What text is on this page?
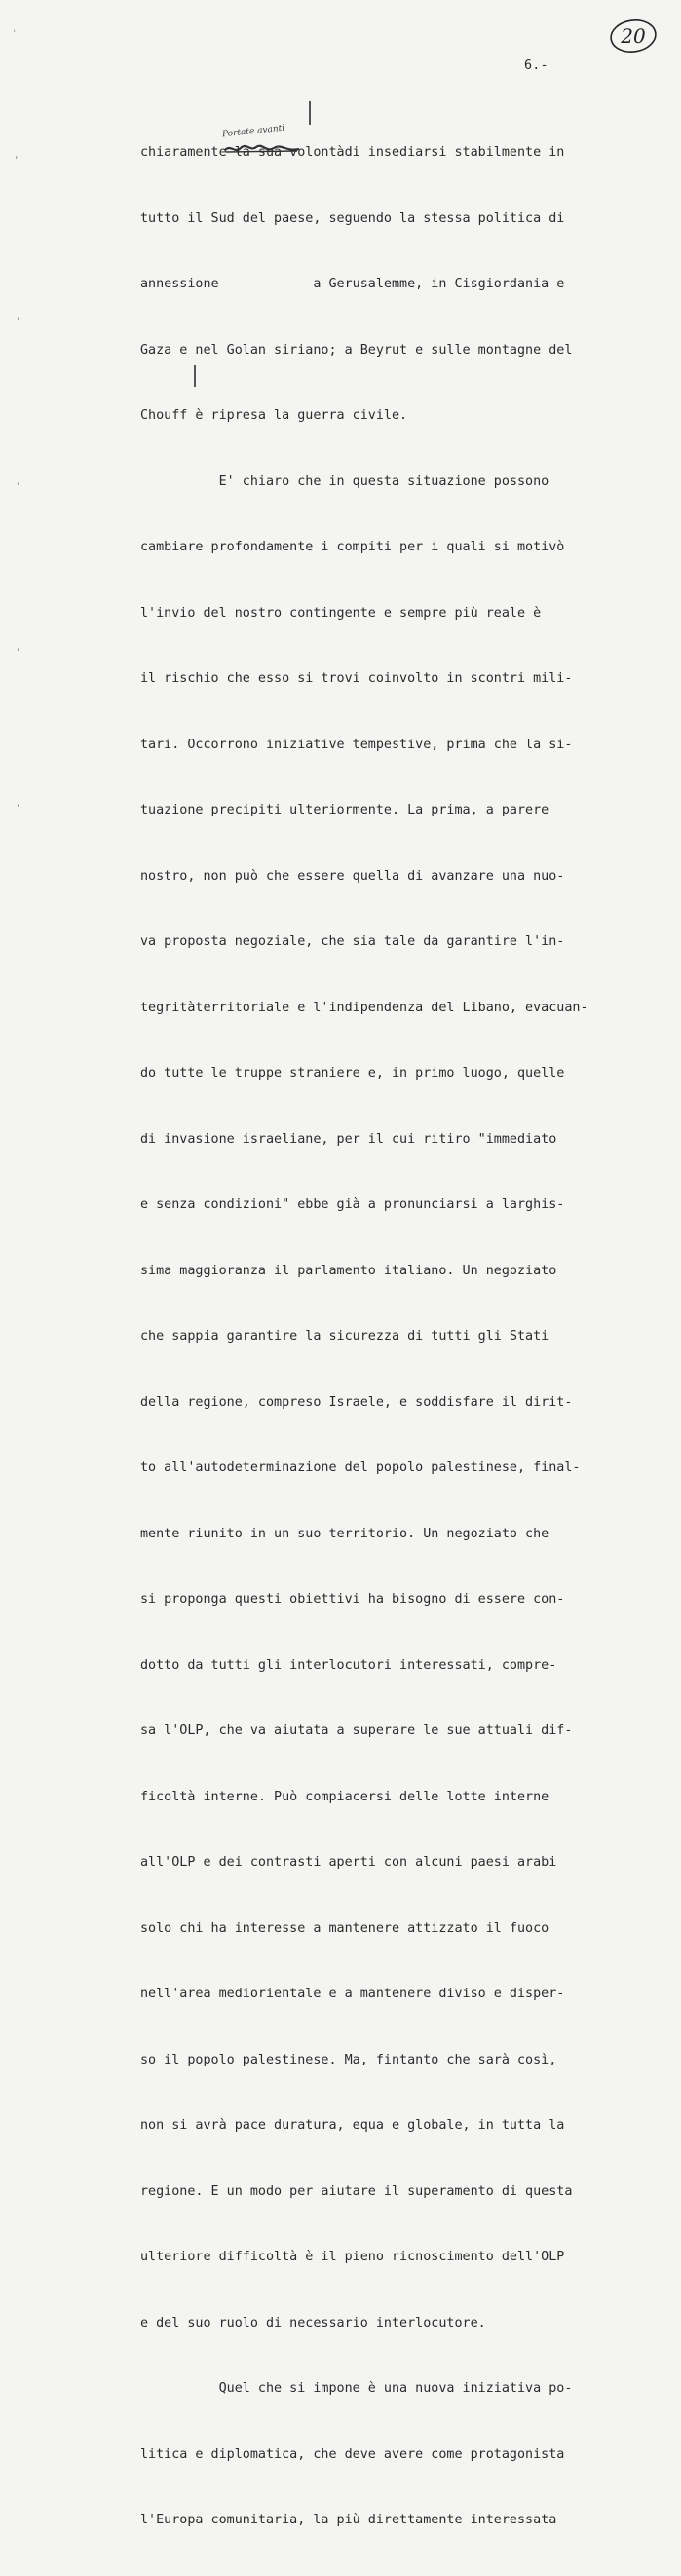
20
6.-
Portate avanti
'
,
,
,
,
,

chiaramente la sua volontàdi insediarsi stabilmente in

tutto il Sud del paese, seguendo la stessa politica di

annessione            a Gerusalemme, in Cisgiordania e

Gaza e nel Golan siriano; a Beyrut e sulle montagne del

Chouff è ripresa la guerra civile.

E' chiaro che in questa situazione possono

cambiare profondamente i compiti per i quali si motivò

l'invio del nostro contingente e sempre più reale è

il rischio che esso si trovi coinvolto in scontri mili-

tari. Occorrono iniziative tempestive, prima che la si-

tuazione precipiti ulteriormente. La prima, a parere

nostro, non può che essere quella di avanzare una nuo-

va proposta negoziale, che sia tale da garantire l'in-

tegritàterritoriale e l'indipendenza del Libano, evacuan-

do tutte le truppe straniere e, in primo luogo, quelle

di invasione israeliane, per il cui ritiro "immediato

e senza condizioni" ebbe già a pronunciarsi a larghis-

sima maggioranza il parlamento italiano. Un negoziato

che sappia garantire la sicurezza di tutti gli Stati

della regione, compreso Israele, e soddisfare il dirit-

to all'autodeterminazione del popolo palestinese, final-

mente riunito in un suo territorio. Un negoziato che

si proponga questi obiettivi ha bisogno di essere con-

dotto da tutti gli interlocutori interessati, compre-

sa l'OLP, che va aiutata a superare le sue attuali dif-

ficoltà interne. Può compiacersi delle lotte interne

all'OLP e dei contrasti aperti con alcuni paesi arabi

solo chi ha interesse a mantenere attizzato il fuoco

nell'area mediorientale e a mantenere diviso e disper-

so il popolo palestinese. Ma, fintanto che sarà così,

non si avrà pace duratura, equa e globale, in tutta la

regione. E un modo per aiutare il superamento di questa

ulteriore difficoltà è il pieno ricnoscimento dell'OLP

e del suo ruolo di necessario interlocutore.

Quel che si impone è una nuova iniziativa po-

litica e diplomatica, che deve avere come protagonista

l'Europa comunitaria, la più direttamente interessata
